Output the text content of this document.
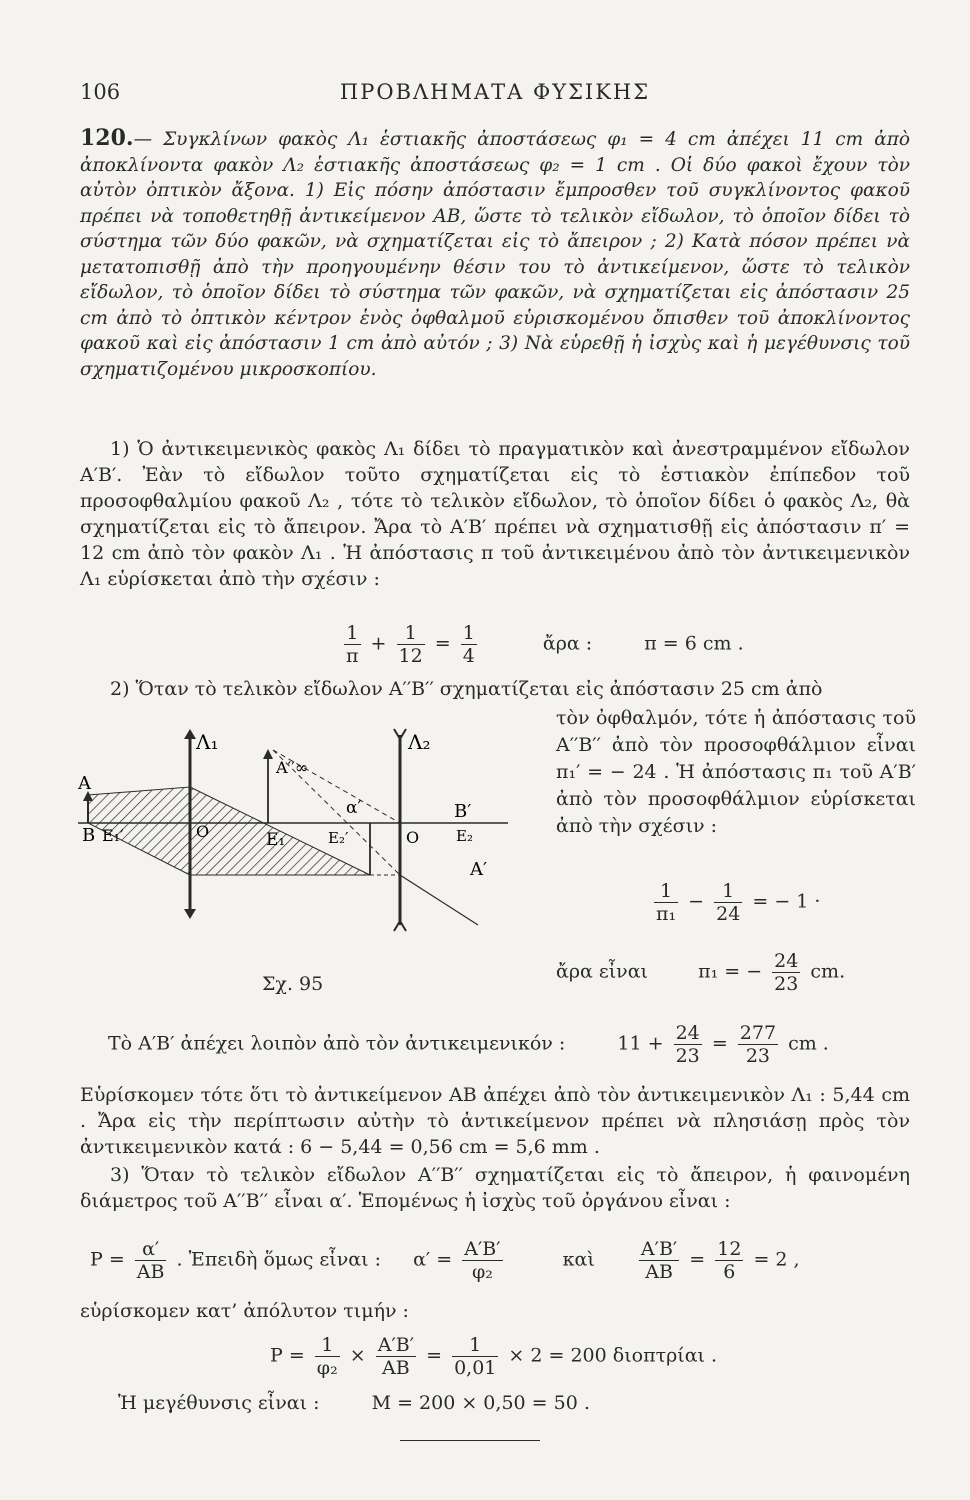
106	ΠΡΟΒΛΗΜΑΤΑ ΦΥΣΙΚΗΣ
120.— Συγκλίνων φακὸς Λ₁ ἑστιακῆς ἀποστάσεως φ₁ = 4 cm ἀπέχει 11 cm ἀπὸ ἀποκλίνοντα φακὸν Λ₂ ἑστιακῆς ἀποστάσεως φ₂ = 1 cm . Οἱ δύο φακοὶ ἔχουν τὸν αὐτὸν ὀπτικὸν ἄξονα. 1) Εἰς πόσην ἀπόστασιν ἔμπροσθεν τοῦ συγκλίνοντος φακοῦ πρέπει νὰ τοποθετηθῇ ἀντικείμενον AB, ὥστε τὸ τελικὸν εἴδωλον, τὸ ὁποῖον δίδει τὸ σύστημα τῶν δύο φακῶν, νὰ σχηματίζεται εἰς τὸ ἄπειρον ; 2) Κατὰ πόσον πρέπει νὰ μετατοπισθῇ ἀπὸ τὴν προηγουμένην θέσιν του τὸ ἀντικείμενον, ὥστε τὸ τελικὸν εἴδωλον, τὸ ὁποῖον δίδει τὸ σύστημα τῶν φακῶν, νὰ σχηματίζεται εἰς ἀπόστασιν 25 cm ἀπὸ τὸ ὀπτικὸν κέντρον ἑνὸς ὀφθαλμοῦ εὑρισκομένου ὄπισθεν τοῦ ἀποκλίνοντος φακοῦ καὶ εἰς ἀπόστασιν 1 cm ἀπὸ αὐτόν ; 3) Νὰ εὑρεθῇ ἡ ἰσχὺς καὶ ἡ μεγέθυνσις τοῦ σχηματιζομένου μικροσκοπίου.
1) Ὁ ἀντικειμενικὸς φακὸς Λ₁ δίδει τὸ πραγματικὸν καὶ ἀνεστραμμένον εἴδωλον A′B′. Ἐὰν τὸ εἴδωλον τοῦτο σχηματίζεται εἰς τὸ ἑστιακὸν ἐπίπεδον τοῦ προσοφθαλμίου φακοῦ Λ₂ , τότε τὸ τελικὸν εἴδωλον, τὸ ὁποῖον δίδει ὁ φακὸς Λ₂, θὰ σχηματίζεται εἰς τὸ ἄπειρον. Ἄρα τὸ A′B′ πρέπει νὰ σχηματισθῇ εἰς ἀπόστασιν π′ = 12 cm ἀπὸ τὸν φακὸν Λ₁ . Ἡ ἀπόστασις π τοῦ ἀντικειμένου ἀπὸ τὸν ἀντικειμενικὸν Λ₁ εὑρίσκεται ἀπὸ τὴν σχέσιν :
$\frac{1}{\pi} + \frac{1}{12} = \frac{1}{4}$	ἄρα :	π = 6 cm .
2) Ὅταν τὸ τελικὸν εἴδωλον A′′B′′ σχηματίζεται εἰς ἀπόστασιν 25 cm ἀπὸ
Λ₁	Λ₂
A
B E₁′	O	E₁
A′′∞
α′
O
B′
E₂
E₂′
A′
Σχ. 95
τὸν ὀφθαλμόν, τότε ἡ ἀπόστασις τοῦ A′′B′′ ἀπὸ τὸν προσοφθάλμιον εἶναι π₁′ = − 24 . Ἡ ἀπόστασις π₁ τοῦ A′B′ ἀπὸ τὸν προσοφθάλμιον εὑρίσκεται ἀπὸ τὴν σχέσιν :
$\frac{1}{\text{π₁}} - \frac{1}{24}$ = − 1 ·
ἄρα εἶναι	π₁ = − $\frac{24}{23}$ cm.
Τὸ A′B′ ἀπέχει λοιπὸν ἀπὸ τὸν ἀντικειμενικόν :	$11 + \frac{24}{23} = \frac{277}{23}$ cm .
Εὑρίσκομεν τότε ὅτι τὸ ἀντικείμενον AB ἀπέχει ἀπὸ τὸν ἀντικειμενικὸν Λ₁ : 5,44 cm . Ἄρα εἰς τὴν περίπτωσιν αὐτὴν τὸ ἀντικείμενον πρέπει νὰ πλησιάσῃ πρὸς τὸν ἀντικειμενικὸν κατά : 6 − 5,44 = 0,56 cm = 5,6 mm .
3) Ὅταν τὸ τελικὸν εἴδωλον A′′B′′ σχηματίζεται εἰς τὸ ἄπειρον, ἡ φαινομένη διάμετρος τοῦ A′′B′′ εἶναι α′. Ἑπομένως ἡ ἰσχὺς τοῦ ὀργάνου εἶναι :
$P = \frac{\alpha'}{AB}$ . Ἐπειδὴ ὅμως εἶναι : $\alpha' = \frac{A'B'}{\text{φ₂}}$	καὶ $\frac{A'B'}{AB} = \frac{12}{6} = 2$ ,
εὑρίσκομεν κατ’ ἀπόλυτον τιμήν :
$P = \frac{1}{\text{φ₂}} \times \frac{A'B'}{AB} = \frac{1}{0,01} \times 2 = 200$ διοπτρίαι .
Ἡ μεγέθυνσις εἶναι :	M = 200 × 0,50 = 50 .
